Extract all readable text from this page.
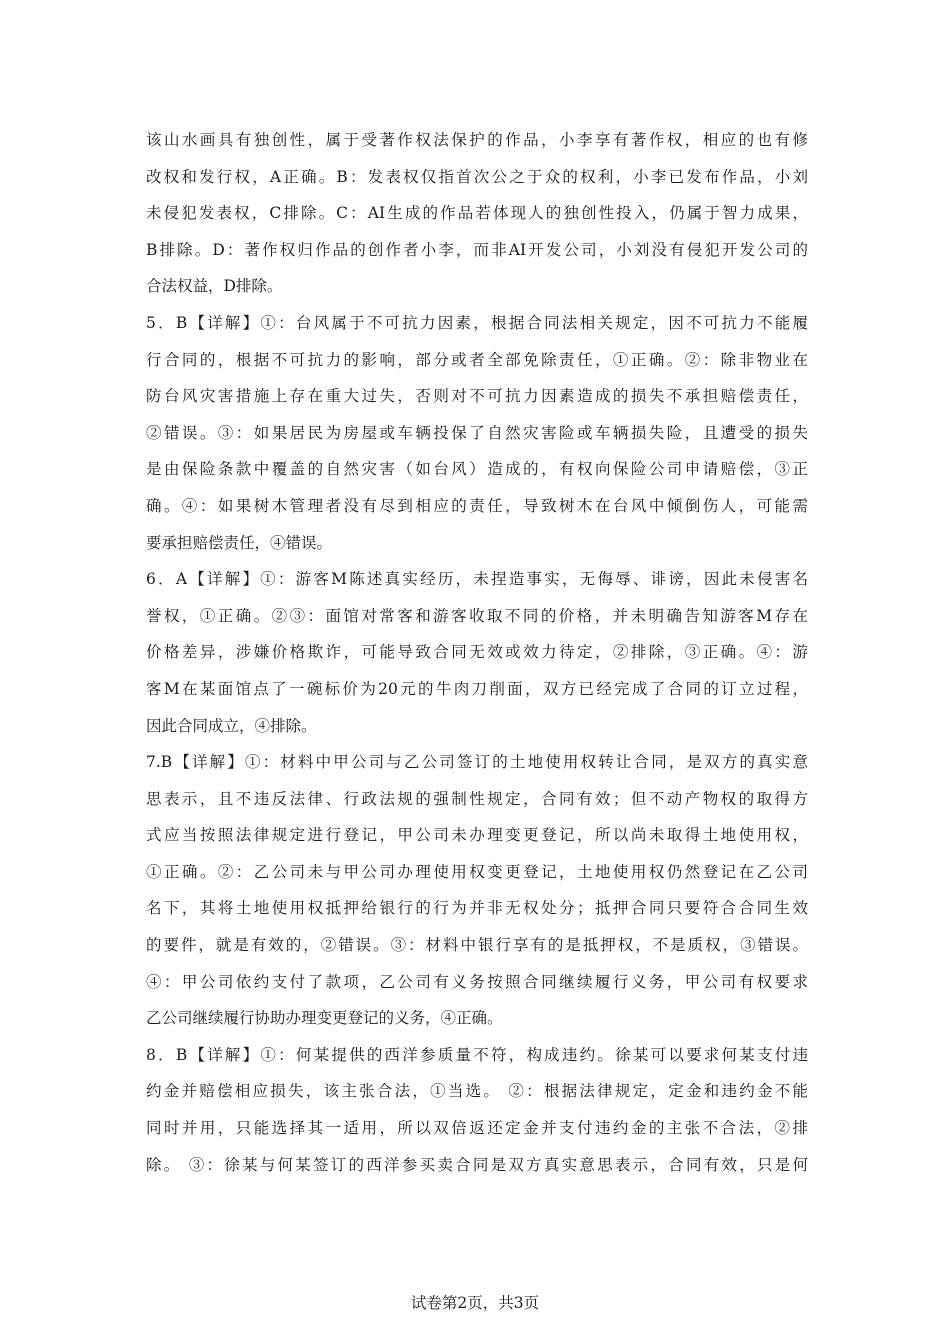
该山水画具有独创性，属于受著作权法保护的作品，小李享有著作权，相应的也有修
改权和发行权，A正确。B：发表权仅指首次公之于众的权利，小李已发布作品，小刘
未侵犯发表权，C排除。C：AI生成的作品若体现人的独创性投入，仍属于智力成果，
B排除。D：著作权归作品的创作者小李，而非AI开发公司，小刘没有侵犯开发公司的
合法权益，D排除。
5．B【详解】①：台风属于不可抗力因素，根据合同法相关规定，因不可抗力不能履
行合同的，根据不可抗力的影响，部分或者全部免除责任，①正确。②：除非物业在
防台风灾害措施上存在重大过失，否则对不可抗力因素造成的损失不承担赔偿责任，
②错误。③：如果居民为房屋或车辆投保了自然灾害险或车辆损失险，且遭受的损失
是由保险条款中覆盖的自然灾害（如台风）造成的，有权向保险公司申请赔偿，③正
确。④：如果树木管理者没有尽到相应的责任，导致树木在台风中倾倒伤人，可能需
要承担赔偿责任，④错误。
6．A【详解】①：游客M陈述真实经历，未捏造事实，无侮辱、诽谤，因此未侵害名
誉权，①正确。②③：面馆对常客和游客收取不同的价格，并未明确告知游客M存在
价格差异，涉嫌价格欺诈，可能导致合同无效或效力待定，②排除，③正确。④：游
客M在某面馆点了一碗标价为20元的牛肉刀削面，双方已经完成了合同的订立过程，
因此合同成立，④排除。
7.B【详解】①：材料中甲公司与乙公司签订的土地使用权转让合同，是双方的真实意
思表示，且不违反法律、行政法规的强制性规定，合同有效；但不动产物权的取得方
式应当按照法律规定进行登记，甲公司未办理变更登记，所以尚未取得土地使用权，
①正确。②：乙公司未与甲公司办理使用权变更登记，土地使用权仍然登记在乙公司
名下，其将土地使用权抵押给银行的行为并非无权处分；抵押合同只要符合合同生效
的要件，就是有效的，②错误。③：材料中银行享有的是抵押权，不是质权，③错误。
④：甲公司依约支付了款项，乙公司有义务按照合同继续履行义务，甲公司有权要求
乙公司继续履行协助办理变更登记的义务，④正确。
8．B【详解】①：何某提供的西洋参质量不符，构成违约。徐某可以要求何某支付违
约金并赔偿相应损失，该主张合法，①当选。 ②：根据法律规定，定金和违约金不能
同时并用，只能选择其一适用，所以双倍返还定金并支付违约金的主张不合法，②排
除。 ③：徐某与何某签订的西洋参买卖合同是双方真实意思表示，合同有效，只是何
试卷第2页，共3页
